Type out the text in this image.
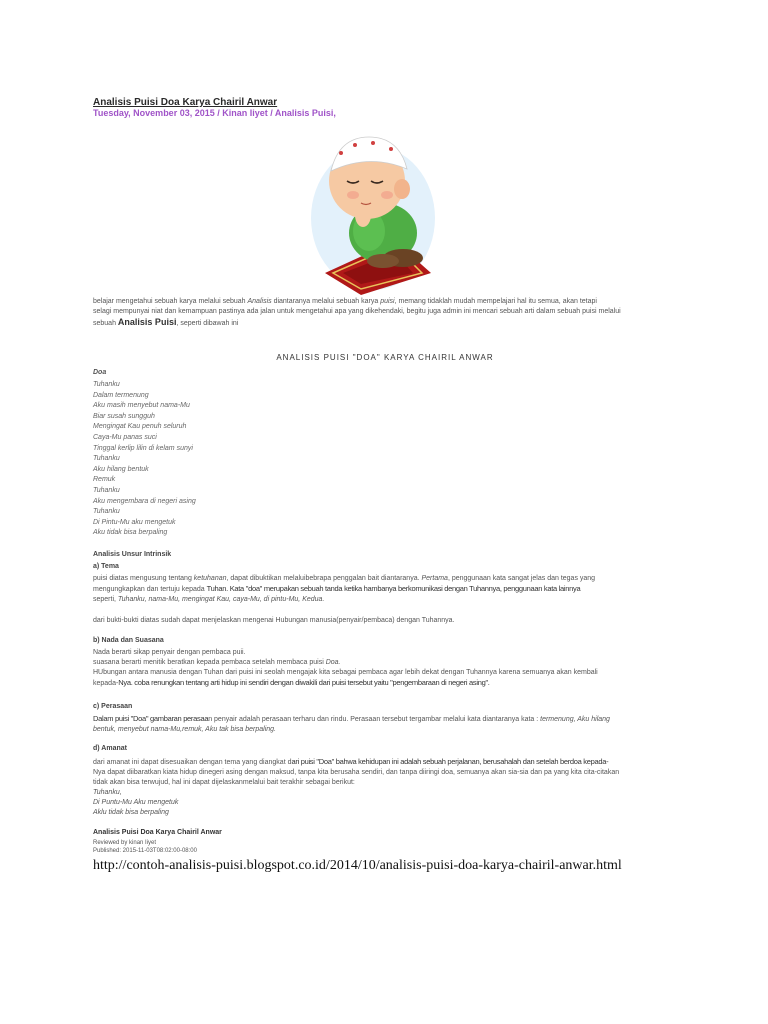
Analisis Puisi Doa Karya Chairil Anwar
Tuesday, November 03, 2015 / Kinan Iiyet / Analisis Puisi,
belajar mengetahui sebuah karya melalui sebuah Analisis diantaranya melalui sebuah karya puisi, memang tidaklah mudah mempelajari hal itu semua, akan tetapi
selagi mempunyai niat dan kemampuan pastinya ada jalan untuk mengetahui apa yang dikehendaki, begitu juga admin ini mencari sebuah arti dalam sebuah puisi melalui
sebuah Analisis Puisi, seperti dibawah ini
ANALISIS PUISI "DOA" KARYA CHAIRIL ANWAR
Doa
Tuhanku
Dalam termenung
Aku masih menyebut nama-Mu
Biar susah sungguh
Mengingat Kau penuh seluruh
Caya-Mu panas suci
Tinggal kerlip lilin di kelam sunyi
Tuhanku
Aku hilang bentuk
Remuk
Tuhanku
Aku mengembara di negeri asing
Tuhanku
Di Pintu-Mu aku mengetuk
Aku tidak bisa berpaling
Analisis Unsur Intrinsik
a) Tema
puisi diatas mengusung tentang ketuhanan, dapat dibuktikan melaluibebrapa penggalan bait diantaranya. Pertama, penggunaan kata sangat jelas dan tegas yang
mengungkapkan dan tertuju kepada Tuhan. Kata "doa" merupakan sebuah tanda ketika hambanya berkomunikasi dengan Tuhannya, penggunaan kata lainnya
seperti, Tuhanku, nama-Mu, mengingat Kau, caya-Mu, di pintu-Mu, Kedua.
dari bukti-bukti diatas sudah dapat menjelaskan mengenai Hubungan manusia(penyair/pembaca) dengan Tuhannya.
b) Nada dan Suasana
Nada berarti sikap penyair dengan pembaca puii.
suasana berarti menitik beratkan kepada pembaca setelah membaca puisi Doa.
HUbungan antara manusia dengan Tuhan dari puisi ini seolah mengajak kita sebagai pembaca agar lebih dekat dengan Tuhannya karena semuanya akan kembali
kepada-Nya. coba renungkan tentang arti hidup ini sendiri dengan diwakili dari puisi tersebut yaitu "pengembaraan di negeri asing".
c) Perasaan
Dalam puisi "Doa" gambaran perasaan penyair adalah perasaan terharu dan rindu. Perasaan tersebut tergambar melalui kata diantaranya kata : termenung, Aku hilang
bentuk, menyebut nama-Mu,remuk, Aku tak bisa berpaling.
d) Amanat
dari amanat ini dapat disesuaikan dengan tema yang diangkat dari puisi "Doa" bahwa kehidupan ini adalah sebuah perjalanan, berusahalah dan setelah berdoa kepada-
Nya dapat diibaratkan kiata hidup dinegeri asing dengan maksud, tanpa kita berusaha sendiri, dan tanpa diiringi doa, semuanya akan sia-sia dan pa yang kita cita-citakan
tidak akan bisa terwujud, hal ini dapat dijelaskanmelalui bait terakhir sebagai berikut:
Tuhanku,
Di Puntu-Mu Aku mengetuk
Aklu tidak bisa berpaling
Analisis Puisi Doa Karya Chairil Anwar
Reviewed by kinan Iiyet
Published: 2015-11-03T08:02:00-08:00
http://contoh-analisis-puisi.blogspot.co.id/2014/10/analisis-puisi-doa-karya-chairil-anwar.html
